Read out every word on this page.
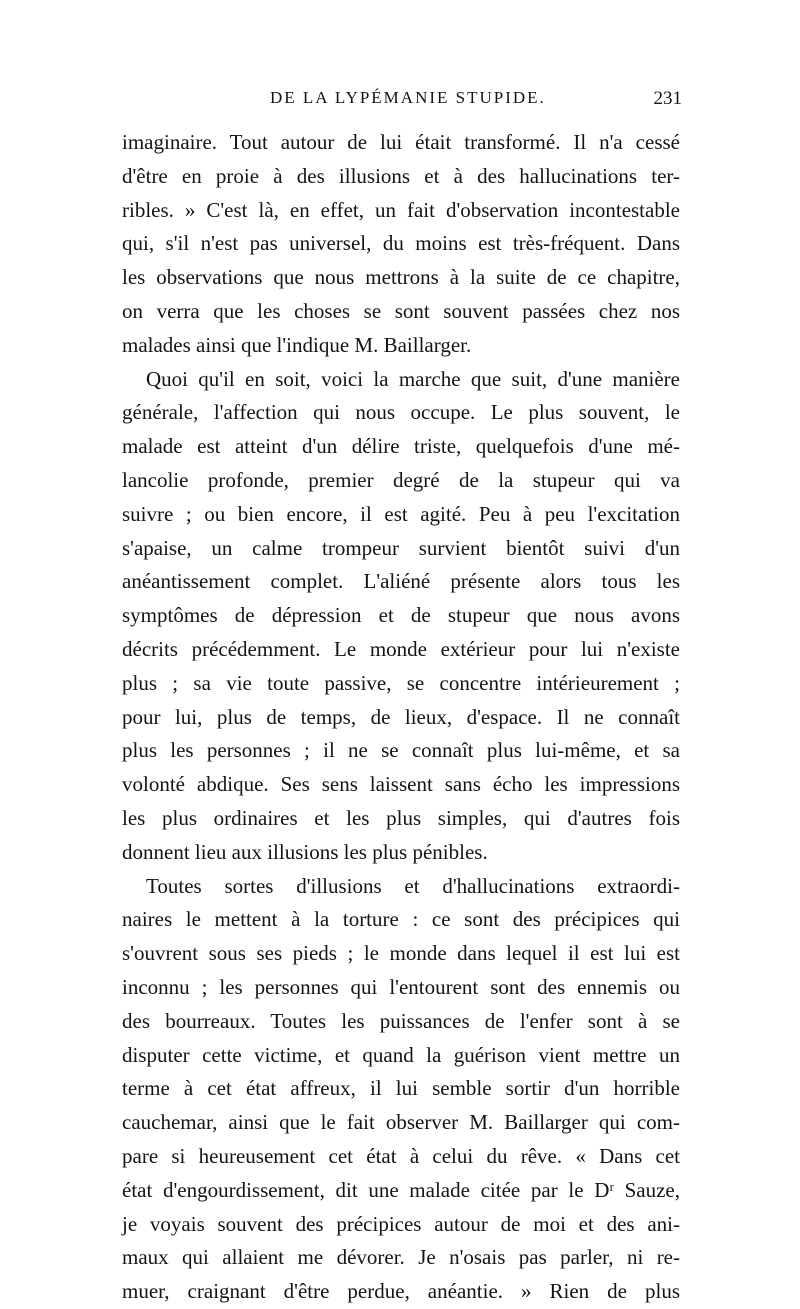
DE LA LYPÉMANIE STUPIDE.	231
imaginaire. Tout autour de lui était transformé. Il n'a cessé
d'être en proie à des illusions et à des hallucinations ter-
ribles. » C'est là, en effet, un fait d'observation incontestable
qui, s'il n'est pas universel, du moins est très-fréquent. Dans
les observations que nous mettrons à la suite de ce chapitre,
on verra que les choses se sont souvent passées chez nos
malades ainsi que l'indique M. Baillarger.
Quoi qu'il en soit, voici la marche que suit, d'une manière
générale, l'affection qui nous occupe. Le plus souvent, le
malade est atteint d'un délire triste, quelquefois d'une mé-
lancolie profonde, premier degré de la stupeur qui va
suivre ; ou bien encore, il est agité. Peu à peu l'excitation
s'apaise, un calme trompeur survient bientôt suivi d'un
anéantissement complet. L'aliéné présente alors tous les
symptômes de dépression et de stupeur que nous avons
décrits précédemment. Le monde extérieur pour lui n'existe
plus ; sa vie toute passive, se concentre intérieurement ;
pour lui, plus de temps, de lieux, d'espace. Il ne connaît
plus les personnes ; il ne se connaît plus lui-même, et sa
volonté abdique. Ses sens laissent sans écho les impressions
les plus ordinaires et les plus simples, qui d'autres fois
donnent lieu aux illusions les plus pénibles.
Toutes sortes d'illusions et d'hallucinations extraordi-
naires le mettent à la torture : ce sont des précipices qui
s'ouvrent sous ses pieds ; le monde dans lequel il est lui est
inconnu ; les personnes qui l'entourent sont des ennemis ou
des bourreaux. Toutes les puissances de l'enfer sont à se
disputer cette victime, et quand la guérison vient mettre un
terme à cet état affreux, il lui semble sortir d'un horrible
cauchemar, ainsi que le fait observer M. Baillarger qui com-
pare si heureusement cet état à celui du rêve. « Dans cet
état d'engourdissement, dit une malade citée par le Dʳ Sauze,
je voyais souvent des précipices autour de moi et des ani-
maux qui allaient me dévorer. Je n'osais pas parler, ni re-
muer, craignant d'être perdue, anéantie. » Rien de plus
